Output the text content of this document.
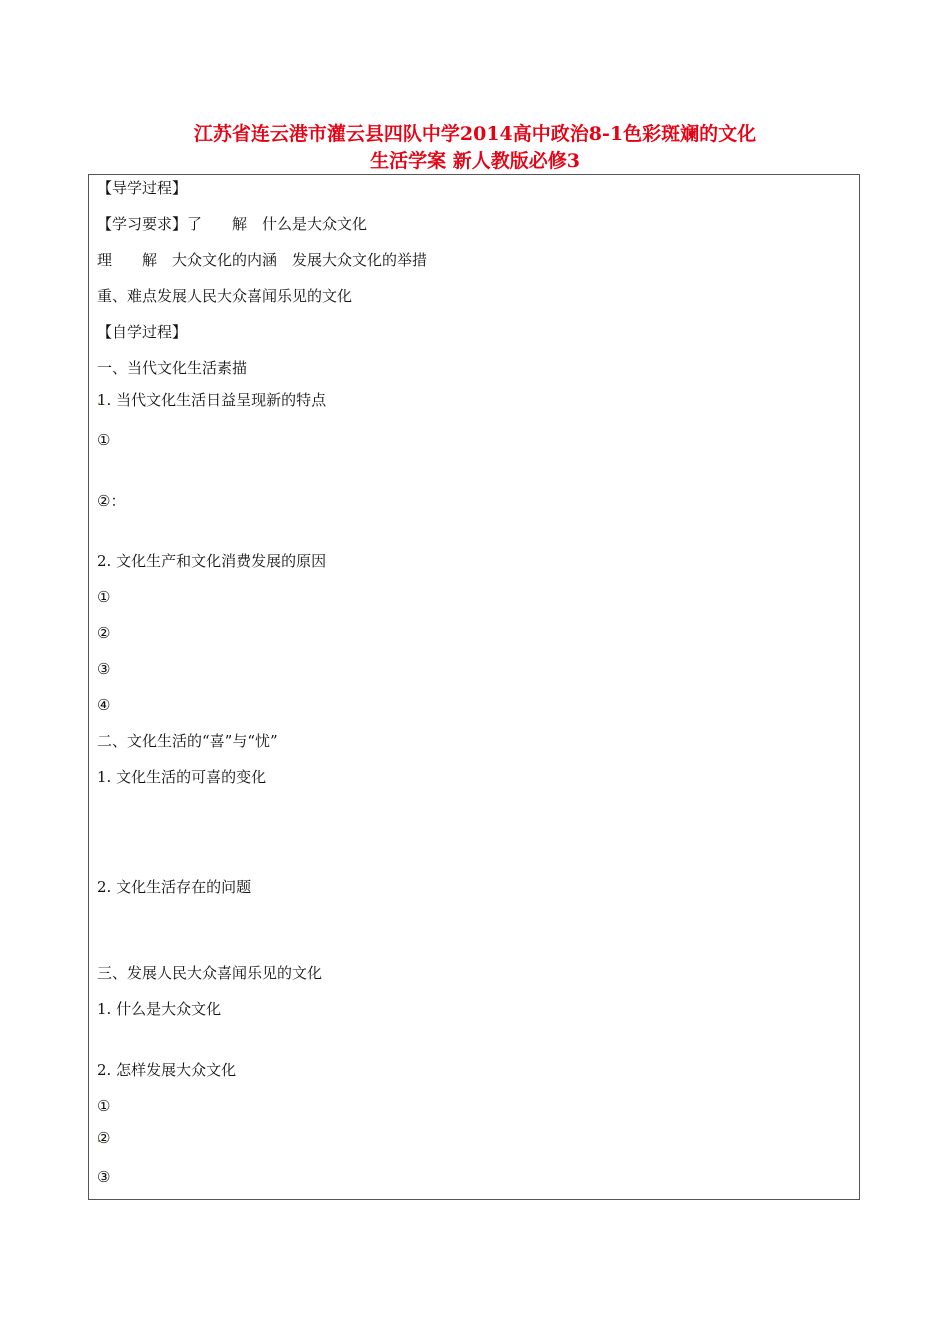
江苏省连云港市灌云县四队中学2014高中政治8-1色彩斑斓的文化
生活学案 新人教版必修3
【导学过程】
【学习要求】了　　解　什么是大众文化
理　　解　大众文化的内涵　发展大众文化的举措
重、难点发展人民大众喜闻乐见的文化
【自学过程】
一、当代文化生活素描
1. 当代文化生活日益呈现新的特点
①
②：
2. 文化生产和文化消费发展的原因
①
②
③
④
二、文化生活的“喜”与“忧”
1. 文化生活的可喜的变化
2. 文化生活存在的问题
三、发展人民大众喜闻乐见的文化
1. 什么是大众文化
2. 怎样发展大众文化
①
②
③
